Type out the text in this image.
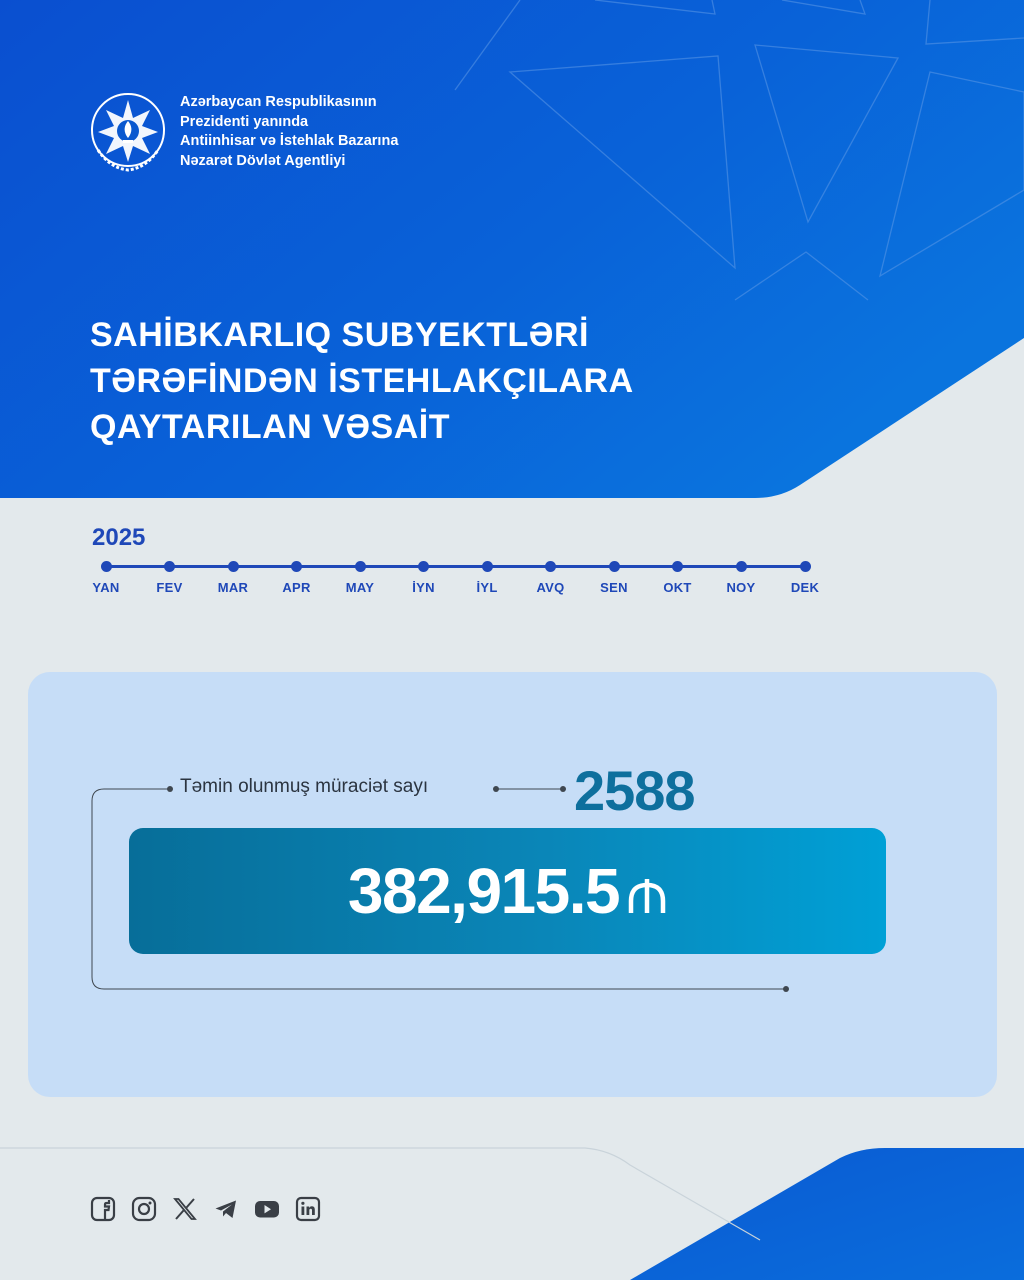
Azərbaycan Respublikasının
Prezidenti yanında
Antiinhisar və İstehlak Bazarına
Nəzarət Dövlət Agentliyi
SAHİBKARLIQ SUBYEKTLƏRİ
TƏRƏFİNDƏN İSTEHLAKÇILARA
QAYTARILAN VƏSAİT
2025
YAN	FEV	MAR	APR	MAY	İYN	İYL	AVQ	SEN	OKT	NOY	DEK
Təmin olunmuş müraciət sayı	2588
382,915.5
